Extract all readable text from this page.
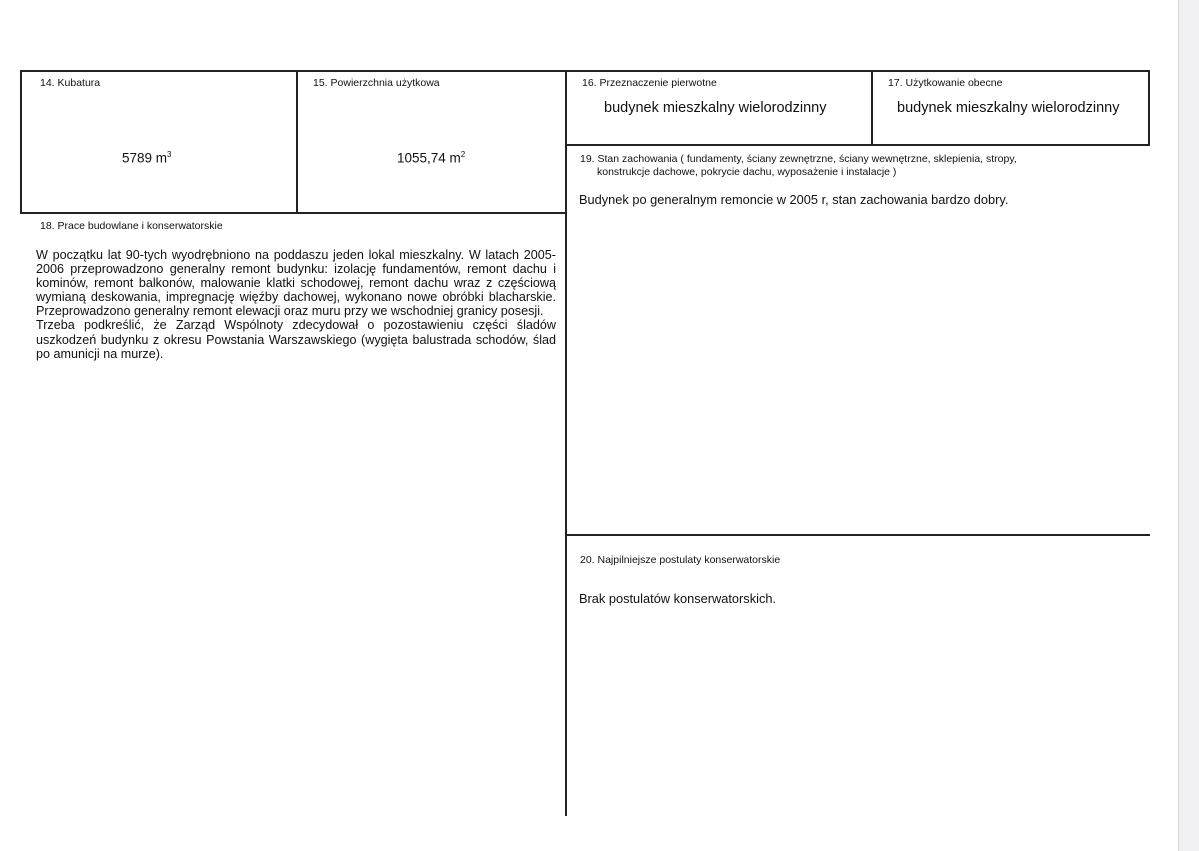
14. Kubatura
5789 $m^3$
15. Powierzchnia użytkowa
1055,74 $m^2$
16. Przeznaczenie pierwotne
budynek mieszkalny wielorodzinny
17. Użytkowanie obecne
budynek mieszkalny wielorodzinny
18. Prace budowlane i konserwatorskie
W początku lat 90-tych wyodrębniono na poddaszu jeden lokal mieszkalny. W latach 2005-2006 przeprowadzono generalny remont budynku: izolację fundamentów, remont dachu i kominów, remont balkonów, malowanie klatki schodowej, remont dachu wraz z częściową wymianą deskowania, impregnację więźby dachowej, wykonano nowe obróbki blacharskie. Przeprowadzono generalny remont elewacji oraz muru przy we wschodniej granicy posesji.
Trzeba podkreślić, że Zarząd Wspólnoty zdecydował o pozostawieniu części śladów uszkodzeń budynku z okresu Powstania Warszawskiego (wygięta balustrada schodów, ślad po amunicji na murze).
19. Stan zachowania ( fundamenty, ściany zewnętrzne, ściany wewnętrzne, sklepienia, stropy,
konstrukcje dachowe, pokrycie dachu, wyposażenie i instalacje )
Budynek po generalnym remoncie w 2005 r, stan zachowania bardzo dobry.
20. Najpilniejsze postulaty konserwatorskie
Brak postulatów konserwatorskich.
